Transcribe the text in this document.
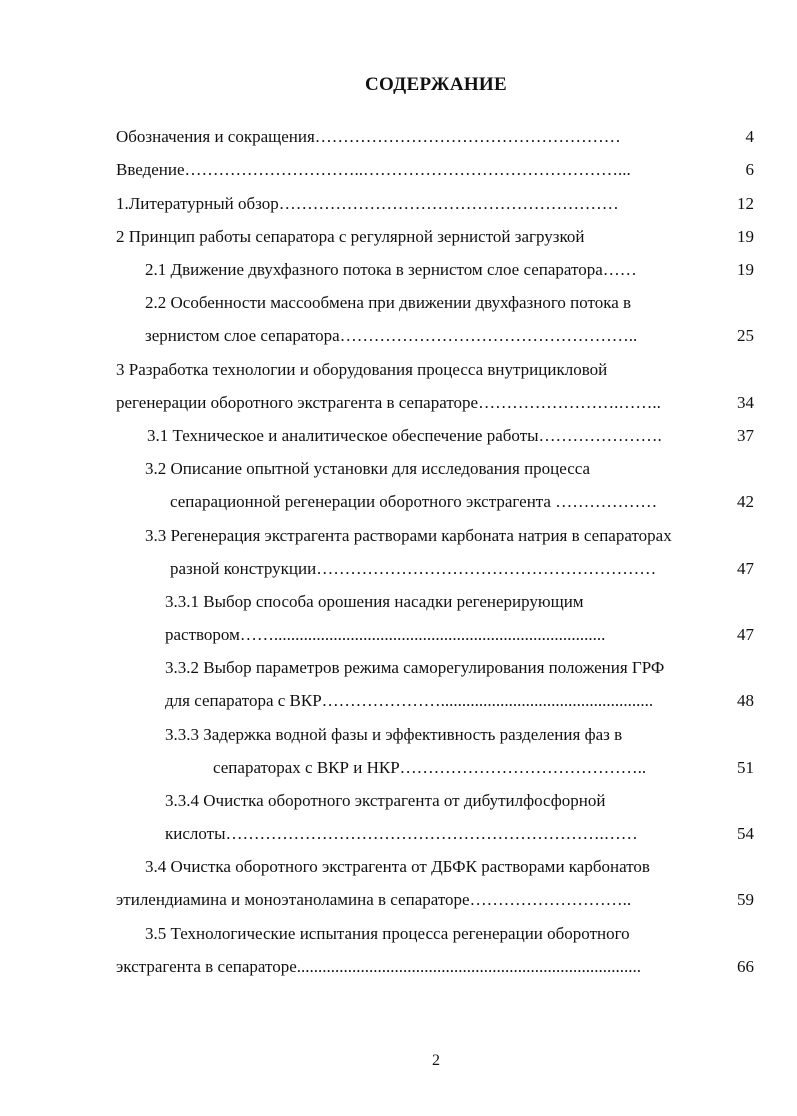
СОДЕРЖАНИЕ
Обозначения и сокращения………………………………………………	4
Введение…………………………..………………………………………...	6
1.Литературный обзор……………………………………………………	12
2 Принцип работы сепаратора с регулярной зернистой загрузкой	19
2.1 Движение двухфазного потока в зернистом слое сепаратора……	19
2.2 Особенности массообмена при движении двухфазного потока в
зернистом слое сепаратора……………………………………………..	25
3 Разработка технологии и оборудования процесса внутрицикловой
регенерации оборотного экстрагента в сепараторе…………………….……..	34
3.1 Техническое и аналитическое обеспечение работы………………….	37
3.2 Описание опытной установки для исследования процесса
сепарационной регенерации оборотного экстрагента ………………	42
3.3 Регенерация экстрагента растворами карбоната натрия в сепараторах
разной конструкции……………………………………………………	47
3.3.1 Выбор способа орошения насадки регенерирующим
раствором……..............................................................................	47
3.3.2 Выбор параметров режима саморегулирования положения ГРФ
для сепаратора с ВКР…………………..................................................	48
3.3.3 Задержка водной фазы и эффективность разделения фаз в
сепараторах с ВКР и НКР……………………………………..	51
3.3.4 Очистка оборотного экстрагента от дибутилфосфорной
кислоты………………………………………………………….……	54
3.4 Очистка оборотного экстрагента от ДБФК растворами карбонатов
этилендиамина и моноэтаноламина в сепараторе………………………..	59
3.5 Технологические испытания процесса регенерации оборотного
экстрагента в сепараторе.................................................................................	66
2
